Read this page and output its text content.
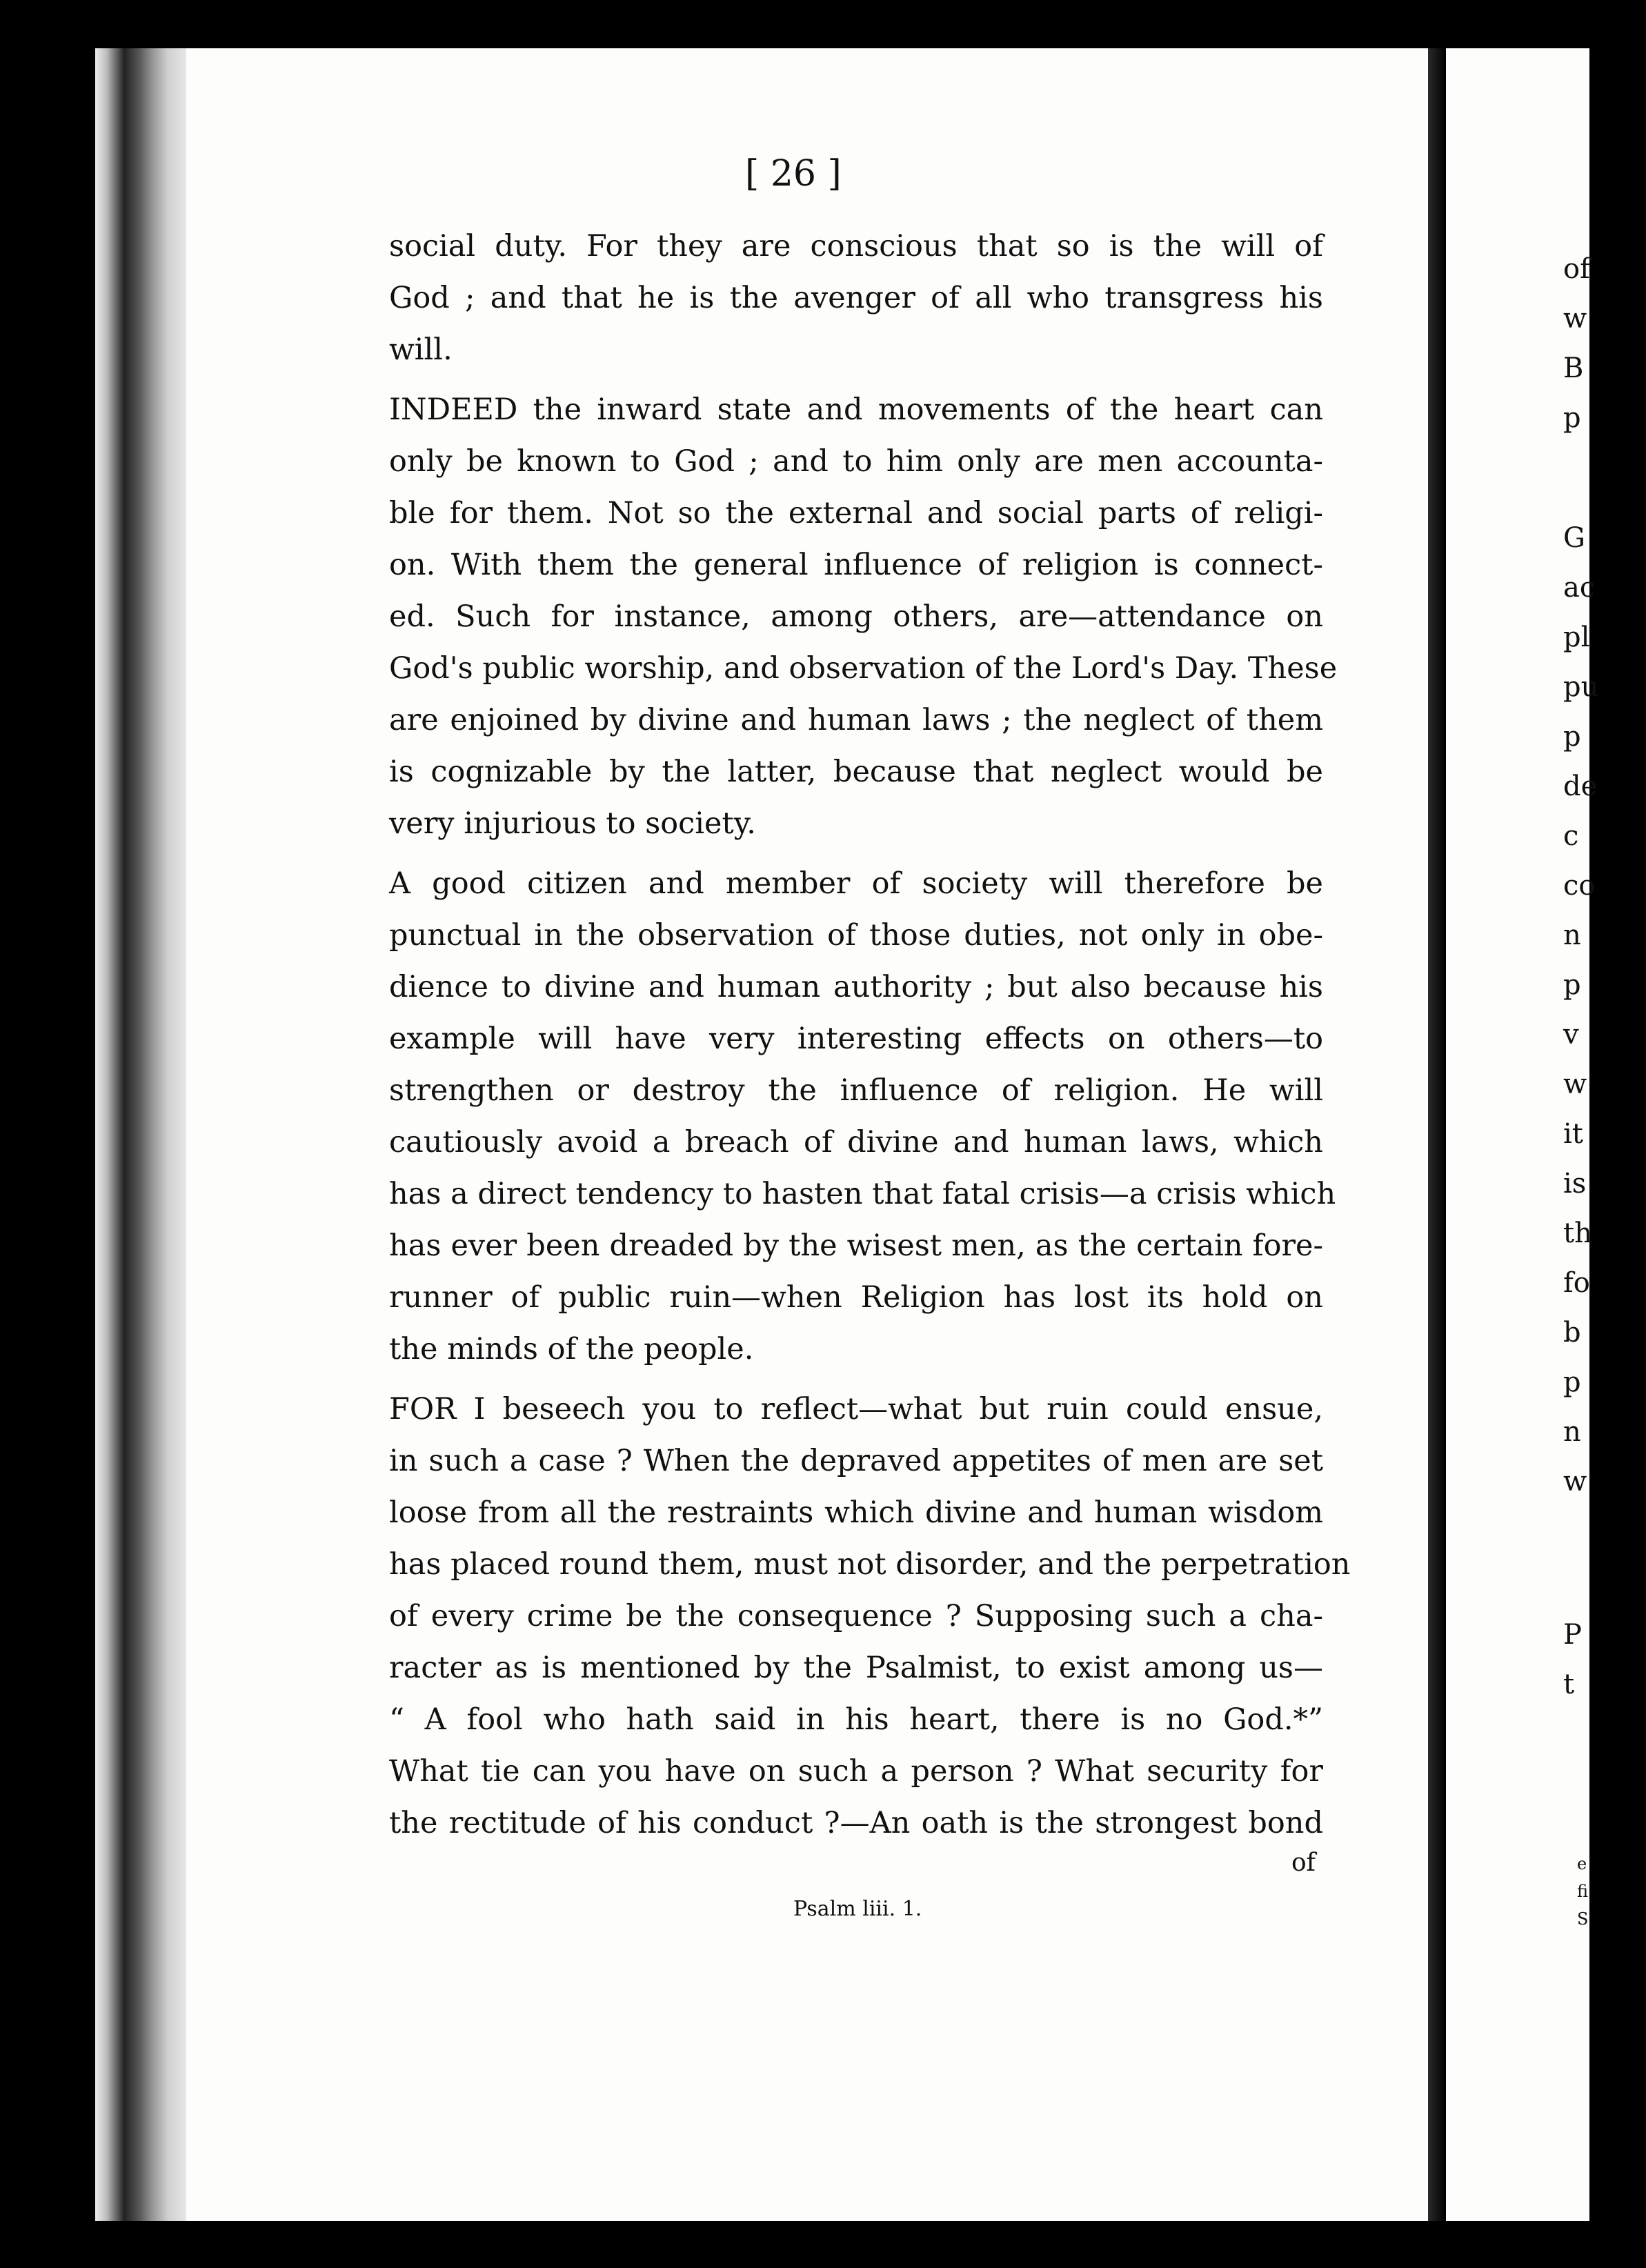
[ 26 ]
social duty. For they are conscious that so is the will of
God ; and that he is the avenger of all who transgress his
will.
INDEED the inward state and movements of the heart can
only be known to God ; and to him only are men accounta-
ble for them. Not so the external and social parts of religi-
on. With them the general influence of religion is connect-
ed. Such for instance, among others, are—attendance on
God's public worship, and observation of the Lord's Day. These
are enjoined by divine and human laws ; the neglect of them
is cognizable by the latter, because that neglect would be
very injurious to society.
A good citizen and member of society will therefore be
punctual in the observation of those duties, not only in obe-
dience to divine and human authority ; but also because his
example will have very interesting effects on others—to
strengthen or destroy the influence of religion. He will
cautiously avoid a breach of divine and human laws, which
has a direct tendency to hasten that fatal crisis—a crisis which
has ever been dreaded by the wisest men, as the certain fore-
runner of public ruin—when Religion has lost its hold on
the minds of the people.
FOR I beseech you to reflect—what but ruin could ensue,
in such a case ? When the depraved appetites of men are set
loose from all the restraints which divine and human wisdom
has placed round them, must not disorder, and the perpetration
of every crime be the consequence ? Supposing such a cha-
racter as is mentioned by the Psalmist, to exist among us—
“ A fool who hath said in his heart, there is no God.*”
What tie can you have on such a person ? What security for
the rectitude of his conduct ?—An oath is the strongest bond
of
Psalm liii. 1.
of
w
B
p
G
ac
pl
pu
p
de
c
co
n
p
v
w
it
is
th
fo
b
p
n
w
P
t
e
fi
S
